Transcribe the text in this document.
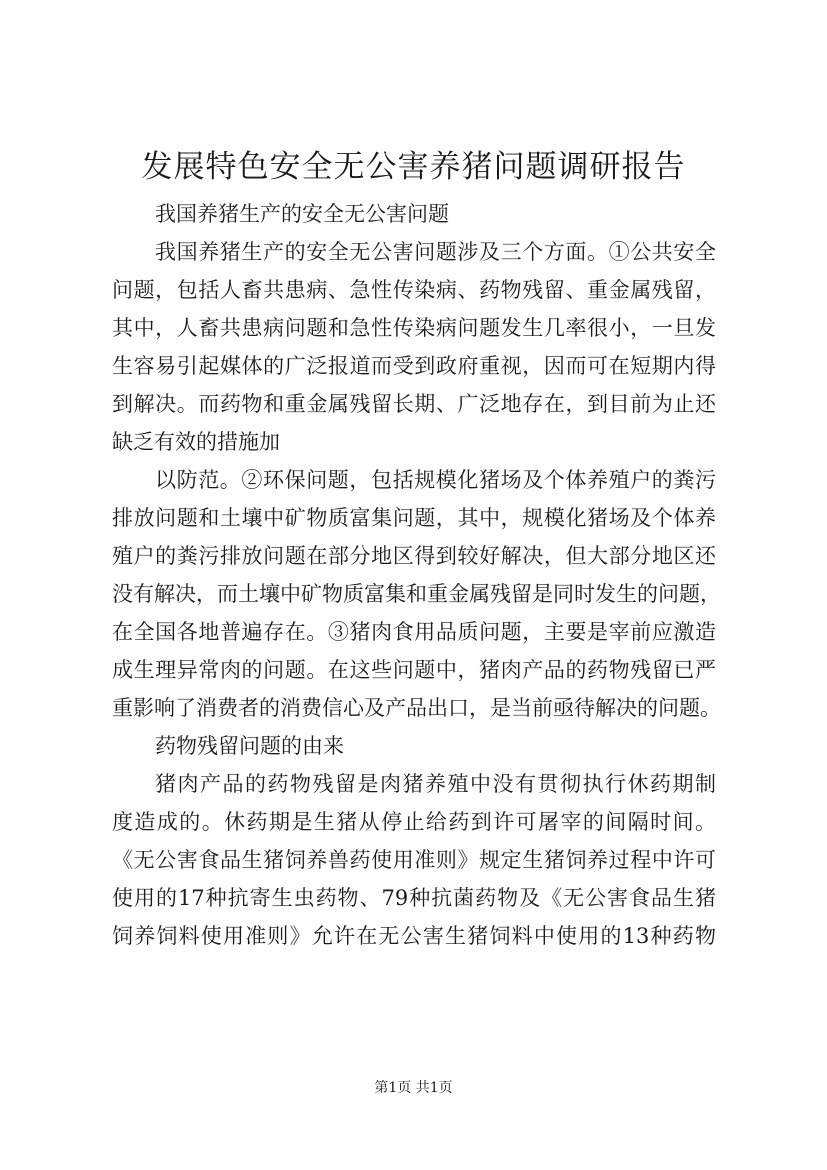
发展特色安全无公害养猪问题调研报告
我国养猪生产的安全无公害问题
我国养猪生产的安全无公害问题涉及三个方面。①公共安全
问题，包括人畜共患病、急性传染病、药物残留、重金属残留，
其中，人畜共患病问题和急性传染病问题发生几率很小，一旦发
生容易引起媒体的广泛报道而受到政府重视，因而可在短期内得
到解决。而药物和重金属残留长期、广泛地存在，到目前为止还
缺乏有效的措施加
以防范。②环保问题，包括规模化猪场及个体养殖户的粪污
排放问题和土壤中矿物质富集问题，其中，规模化猪场及个体养
殖户的粪污排放问题在部分地区得到较好解决，但大部分地区还
没有解决，而土壤中矿物质富集和重金属残留是同时发生的问题，
在全国各地普遍存在。③猪肉食用品质问题，主要是宰前应激造
成生理异常肉的问题。在这些问题中，猪肉产品的药物残留已严
重影响了消费者的消费信心及产品出口，是当前亟待解决的问题。
药物残留问题的由来
猪肉产品的药物残留是肉猪养殖中没有贯彻执行休药期制
度造成的。休药期是生猪从停止给药到许可屠宰的间隔时间。
《无公害食品生猪饲养兽药使用准则》规定生猪饲养过程中许可
使用的17种抗寄生虫药物、79种抗菌药物及《无公害食品生猪
饲养饲料使用准则》允许在无公害生猪饲料中使用的13种药物
第1页 共1页
